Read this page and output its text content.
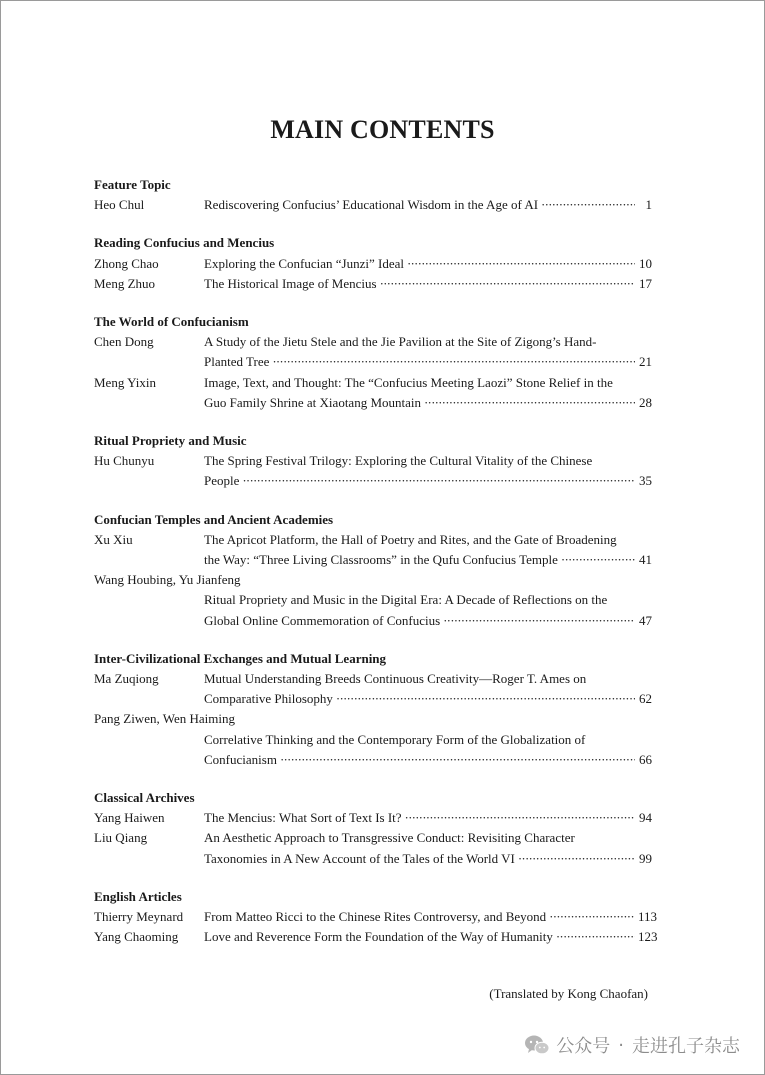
MAIN CONTENTS
Feature Topic
Heo Chul	Rediscovering Confucius’ Educational Wisdom in the Age of AI ·····	1
Reading Confucius and Mencius
Zhong Chao	Exploring the Confucian “Junzi” Ideal ·····	10
Meng Zhuo	The Historical Image of Mencius ·····	17
The World of Confucianism
Chen Dong	A Study of the Jietu Stele and the Jie Pavilion at the Site of Zigong’s Hand-
Planted Tree ·····	21
Meng Yixin	Image, Text, and Thought: The “Confucius Meeting Laozi” Stone Relief in the
Guo Family Shrine at Xiaotang Mountain ·····	28
Ritual Propriety and Music
Hu Chunyu	The Spring Festival Trilogy: Exploring the Cultural Vitality of the Chinese
People ·····	35
Confucian Temples and Ancient Academies
Xu Xiu	The Apricot Platform, the Hall of Poetry and Rites, and the Gate of Broadening
the Way: “Three Living Classrooms” in the Qufu Confucius Temple ·····	41
Wang Houbing, Yu Jianfeng
Ritual Propriety and Music in the Digital Era: A Decade of Reflections on the
Global Online Commemoration of Confucius ·····	47
Inter-Civilizational Exchanges and Mutual Learning
Ma Zuqiong	Mutual Understanding Breeds Continuous Creativity—Roger T. Ames on
Comparative Philosophy ·····	62
Pang Ziwen, Wen Haiming
Correlative Thinking and the Contemporary Form of the Globalization of
Confucianism ·····	66
Classical Archives
Yang Haiwen	The Mencius: What Sort of Text Is It? ·····	94
Liu Qiang	An Aesthetic Approach to Transgressive Conduct: Revisiting Character
Taxonomies in A New Account of the Tales of the World VI ·····	99
English Articles
Thierry Meynard	From Matteo Ricci to the Chinese Rites Controversy, and Beyond ·····	113
Yang Chaoming	Love and Reverence Form the Foundation of the Way of Humanity ·····	123
(Translated by Kong Chaofan)
公众号 · 走进孔子杂志
